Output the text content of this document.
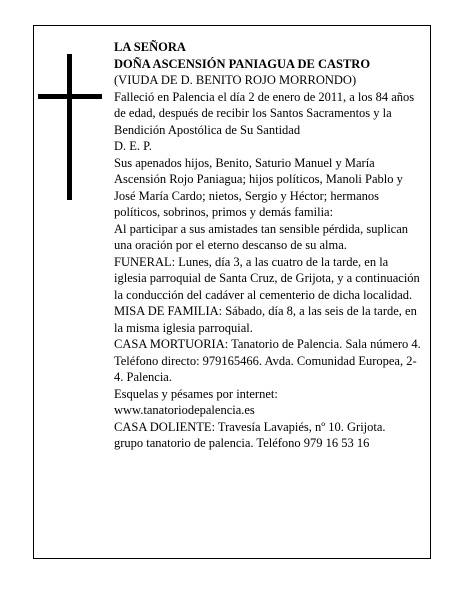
LA SEÑORA

DOÑA ASCENSIÓN PANIAGUA DE CASTRO

(VIUDA DE D. BENITO ROJO MORRONDO)

Falleció en Palencia el día 2 de enero de 2011, a los 84 años de edad, después de recibir los Santos Sacramentos y la Bendición Apostólica de Su Santidad

D. E. P.

Sus apenados hijos, Benito, Saturio Manuel y María Ascensión Rojo Paniagua; hijos políticos, Manoli Pablo y José María Cardo; nietos, Sergio y Héctor; hermanos políticos, sobrinos, primos y demás familia:

Al participar a sus amistades tan sensible pérdida, suplican una oración por el eterno descanso de su alma.

FUNERAL: Lunes, día 3, a las cuatro de la tarde, en la iglesia parroquial de Santa Cruz, de Grijota, y a continuación la conducción del cadáver al cementerio de dicha localidad.

MISA DE FAMILIA: Sábado, día 8, a las seis de la tarde, en la misma iglesia parroquial.

CASA MORTUORIA: Tanatorio de Palencia. Sala número 4. Teléfono directo: 979165466. Avda. Comunidad Europea, 2-4. Palencia.

Esquelas y pésames por internet:

www.tanatoriodepalencia.es

CASA DOLIENTE: Travesía Lavapiés, nº 10. Grijota.

grupo tanatorio de palencia. Teléfono 979 16 53 16
